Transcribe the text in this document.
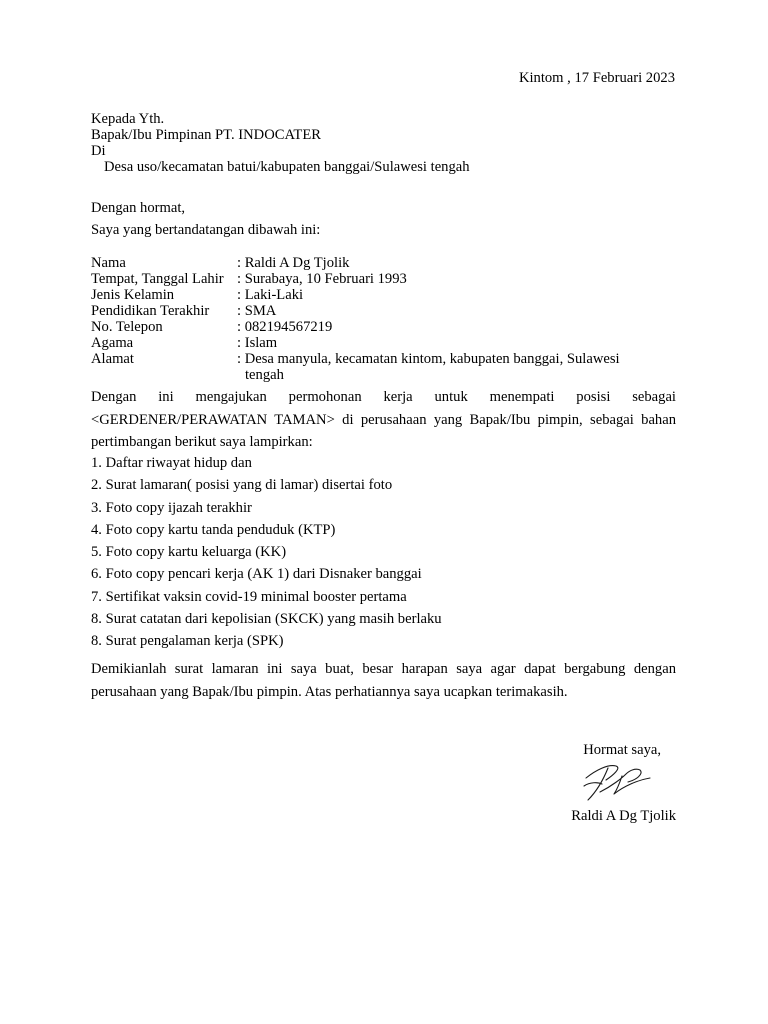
Kintom , 17 Februari 2023
Kepada Yth.
Bapak/Ibu Pimpinan PT. INDOCATER
Di
Desa uso/kecamatan batui/kabupaten banggai/Sulawesi tengah
Dengan hormat,
Saya yang bertandatangan dibawah ini:
Nama	: Raldi A Dg Tjolik
Tempat, Tanggal Lahir : Surabaya, 10 Februari 1993
Jenis Kelamin	: Laki-Laki
Pendidikan Terakhir : SMA
No. Telepon	: 082194567219
Agama	: Islam
Alamat	: Desa manyula, kecamatan kintom, kabupaten banggai, Sulawesi
tengah
Dengan ini mengajukan permohonan kerja untuk menempati posisi sebagai <GERDENER/PERAWATAN TAMAN> di perusahaan yang Bapak/Ibu pimpin, sebagai bahan pertimbangan berikut saya lampirkan:
1. Daftar riwayat hidup dan
2. Surat lamaran( posisi yang di lamar) disertai foto
3. Foto copy ijazah terakhir
4. Foto copy kartu tanda penduduk (KTP)
5. Foto copy kartu keluarga (KK)
6. Foto copy pencari kerja (AK 1) dari Disnaker banggai
7. Sertifikat vaksin covid-19 minimal booster pertama
8. Surat catatan dari kepolisian (SKCK) yang masih berlaku
8. Surat pengalaman kerja (SPK)
Demikianlah surat lamaran ini saya buat, besar harapan saya agar dapat bergabung dengan perusahaan yang Bapak/Ibu pimpin. Atas perhatiannya saya ucapkan terimakasih.
Hormat saya,
Raldi A Dg Tjolik
